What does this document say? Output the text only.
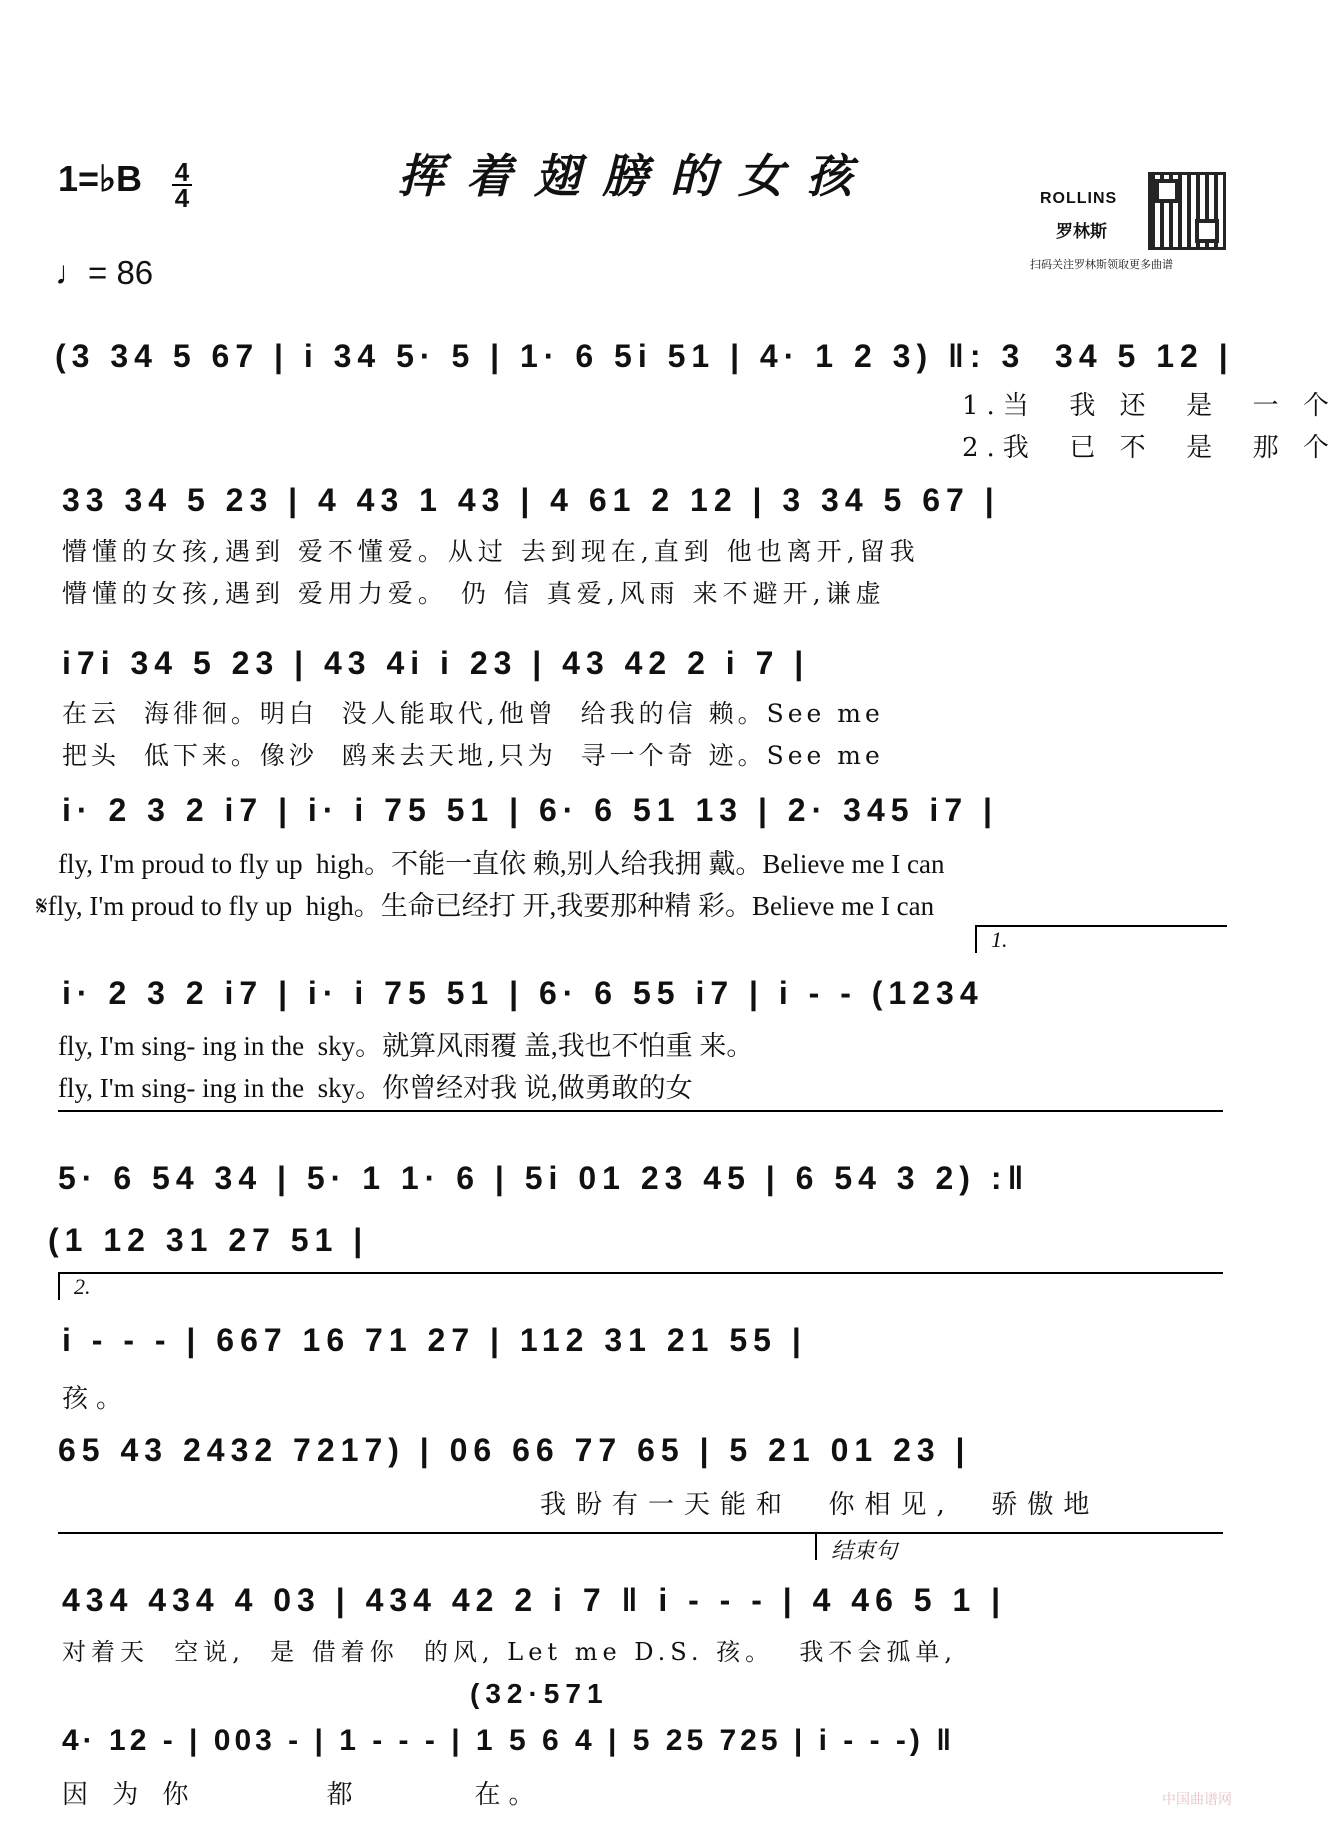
挥着翅膀的女孩
1=♭B 4
4
♩= 86
ROLLINS
罗林斯
扫码关注罗林斯领取更多曲谱
(3 34 5 67 | i 34 5· 5 | 1· 6 5i 51 | 4· 1 2 3) ‖: 3  34 5 12 |
1.当  我 还  是  一 个
2.我  已 不  是  那 个
33 34 5 23 | 4 43 1 43 | 4 61 2 12 | 3 34 5 67 |
懵懂的女孩,遇到 爱不懂爱。从过 去到现在,直到 他也离开,留我
懵懂的女孩,遇到 爱用力爱。 仍 信 真爱,风雨 来不避开,谦虚
i7i 34 5 23 | 43 4i i 23 | 43 42 2 i 7 |
在云  海徘徊。明白  没人能取代,他曾  给我的信 赖。See me
把头  低下来。像沙  鸥来去天地,只为  寻一个奇 迹。See me
i· 2 3 2 i7 | i· i 75 51 | 6· 6 51 13 | 2· 345 i7 |
fly, I'm proud to fly up  high。不能一直依 赖,别人给我拥 戴。Believe me I can
𝄋fly, I'm proud to fly up  high。生命已经打 开,我要那种精 彩。Believe me I can
1.
i· 2 3 2 i7 | i· i 75 51 | 6· 6 55 i7 | i - - (1234
fly, I'm sing- ing in the  sky。就算风雨覆 盖,我也不怕重 来。
fly, I'm sing- ing in the  sky。你曾经对我 说,做勇敢的女
5· 6 54 34 | 5· 1 1· 6 | 5i 01 23 45 | 6 54 3 2) :‖
(1 12 31 27 51 |
2.
i - - - | 667 16 71 27 | 112 31 21 55 |
孩。
65 43 2432 7217) | 06 66 77 65 | 5 21 01 23 |
我盼有一天能和  你相见,  骄傲地
结束句
434 434 4 03 | 434 42 2 i 7 ‖ i - - - | 4 46 5 1 |
对着天  空说,  是 借着你  的风, Let me D.S. 孩。  我不会孤单,
(32·571
4· 12 - | 003 - | 1 - - - | 1 5 6 4 | 5 25 725 | i - - -) ‖
因 为 你        都       在。	中国曲谱网
